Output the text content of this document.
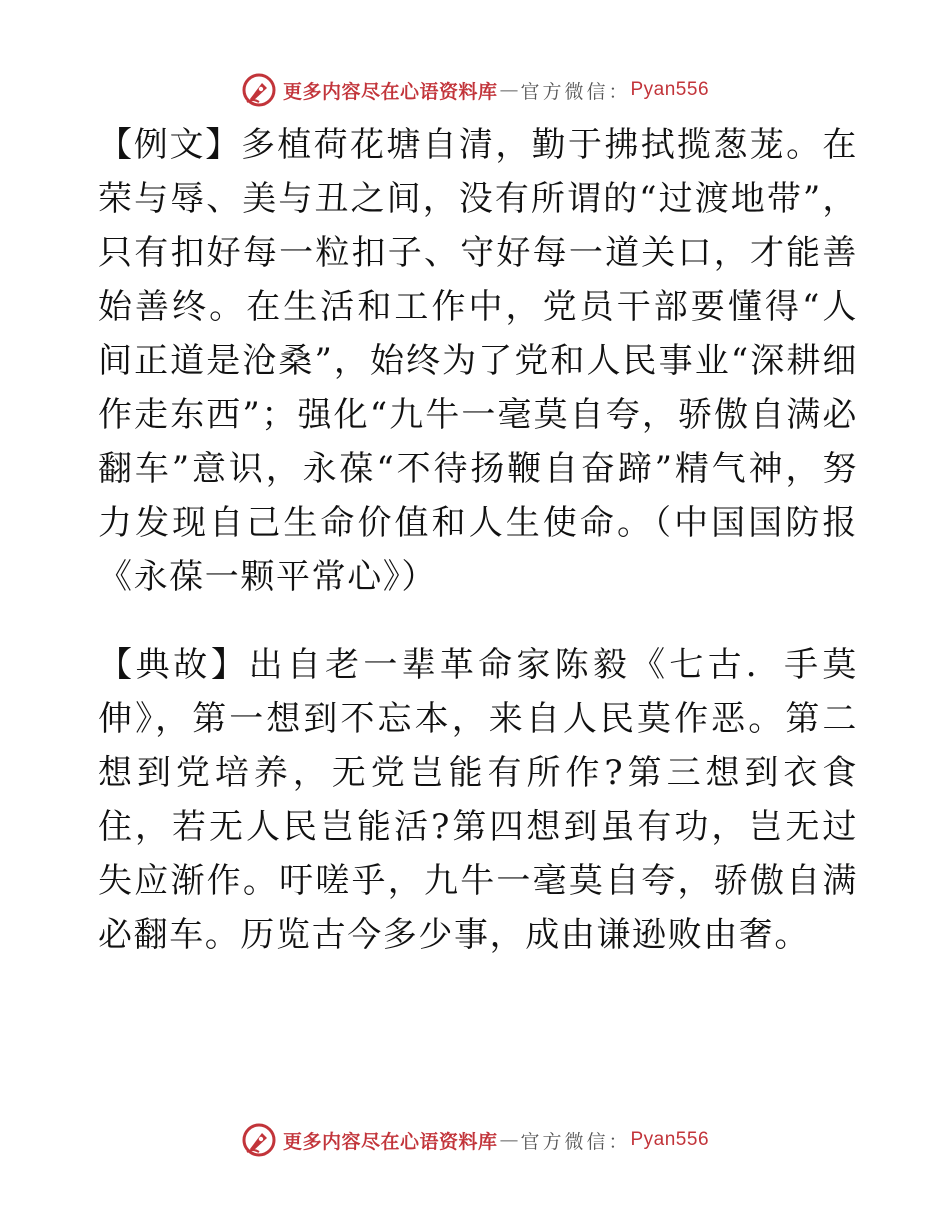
更多内容尽在心语资料库 — 官方微信： Pyan556

【例文】多植荷花塘自清，勤于拂拭揽葱茏。在荣与辱、美与丑之间，没有所谓的“过渡地带”，只有扣好每一粒扣子、守好每一道关口，才能善始善终。在生活和工作中，党员干部要懂得“人间正道是沧桑”，始终为了党和人民事业“深耕细作走东西”；强化“九牛一毫莫自夸，骄傲自满必翻车”意识，永葆“不待扬鞭自奋蹄”精气神，努力发现自己生命价值和人生使命。（中国国防报《永葆一颗平常心》）

【典故】出自老一辈革命家陈毅《七古．手莫伸》，第一想到不忘本，来自人民莫作恶。第二想到党培养，无党岂能有所作?第三想到衣食住，若无人民岂能活?第四想到虽有功，岂无过失应渐作。吁嗟乎，九牛一毫莫自夸，骄傲自满必翻车。历览古今多少事，成由谦逊败由奢。

更多内容尽在心语资料库 — 官方微信： Pyan556
